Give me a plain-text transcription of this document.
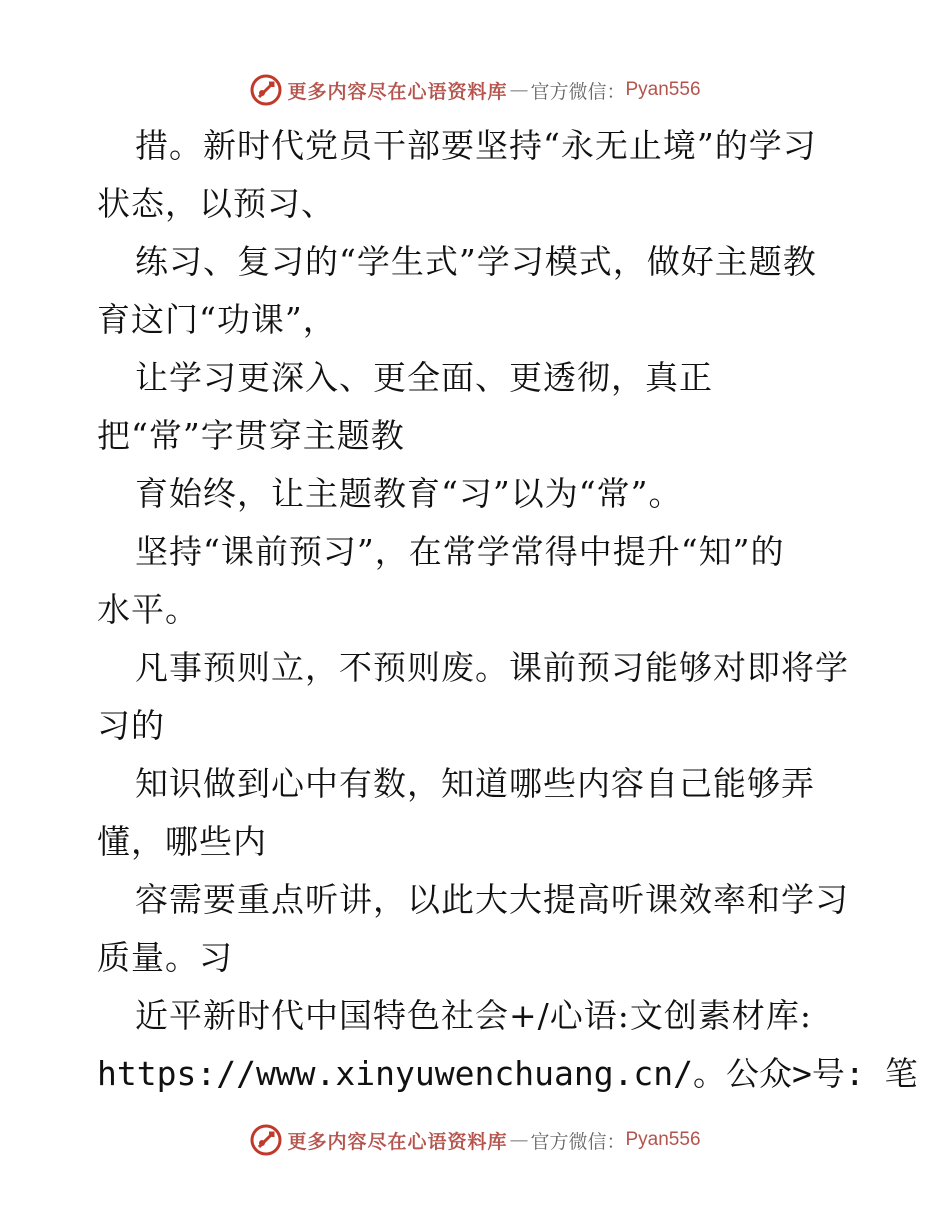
更多内容尽在心语资料库 — 官方微信： Pyan556
措。新时代党员干部要坚持“永无止境”的学习
状态，以预习、
练习、复习的“学生式”学习模式，做好主题教
育这门“功课”，
让学习更深入、更全面、更透彻，真正
把“常”字贯穿主题教
育始终，让主题教育“习”以为“常”。
坚持“课前预习”，在常学常得中提升“知”的
水平。
凡事预则立，不预则废。课前预习能够对即将学
习的
知识做到心中有数，知道哪些内容自己能够弄
懂，哪些内
容需要重点听讲，以此大大提高听课效率和学习
质量。习
近平新时代中国特色社会+/心语:文创素材库:
https://www.xinyuwenchuang.cn/。公众>号: 笔
更多内容尽在心语资料库 — 官方微信： Pyan556
